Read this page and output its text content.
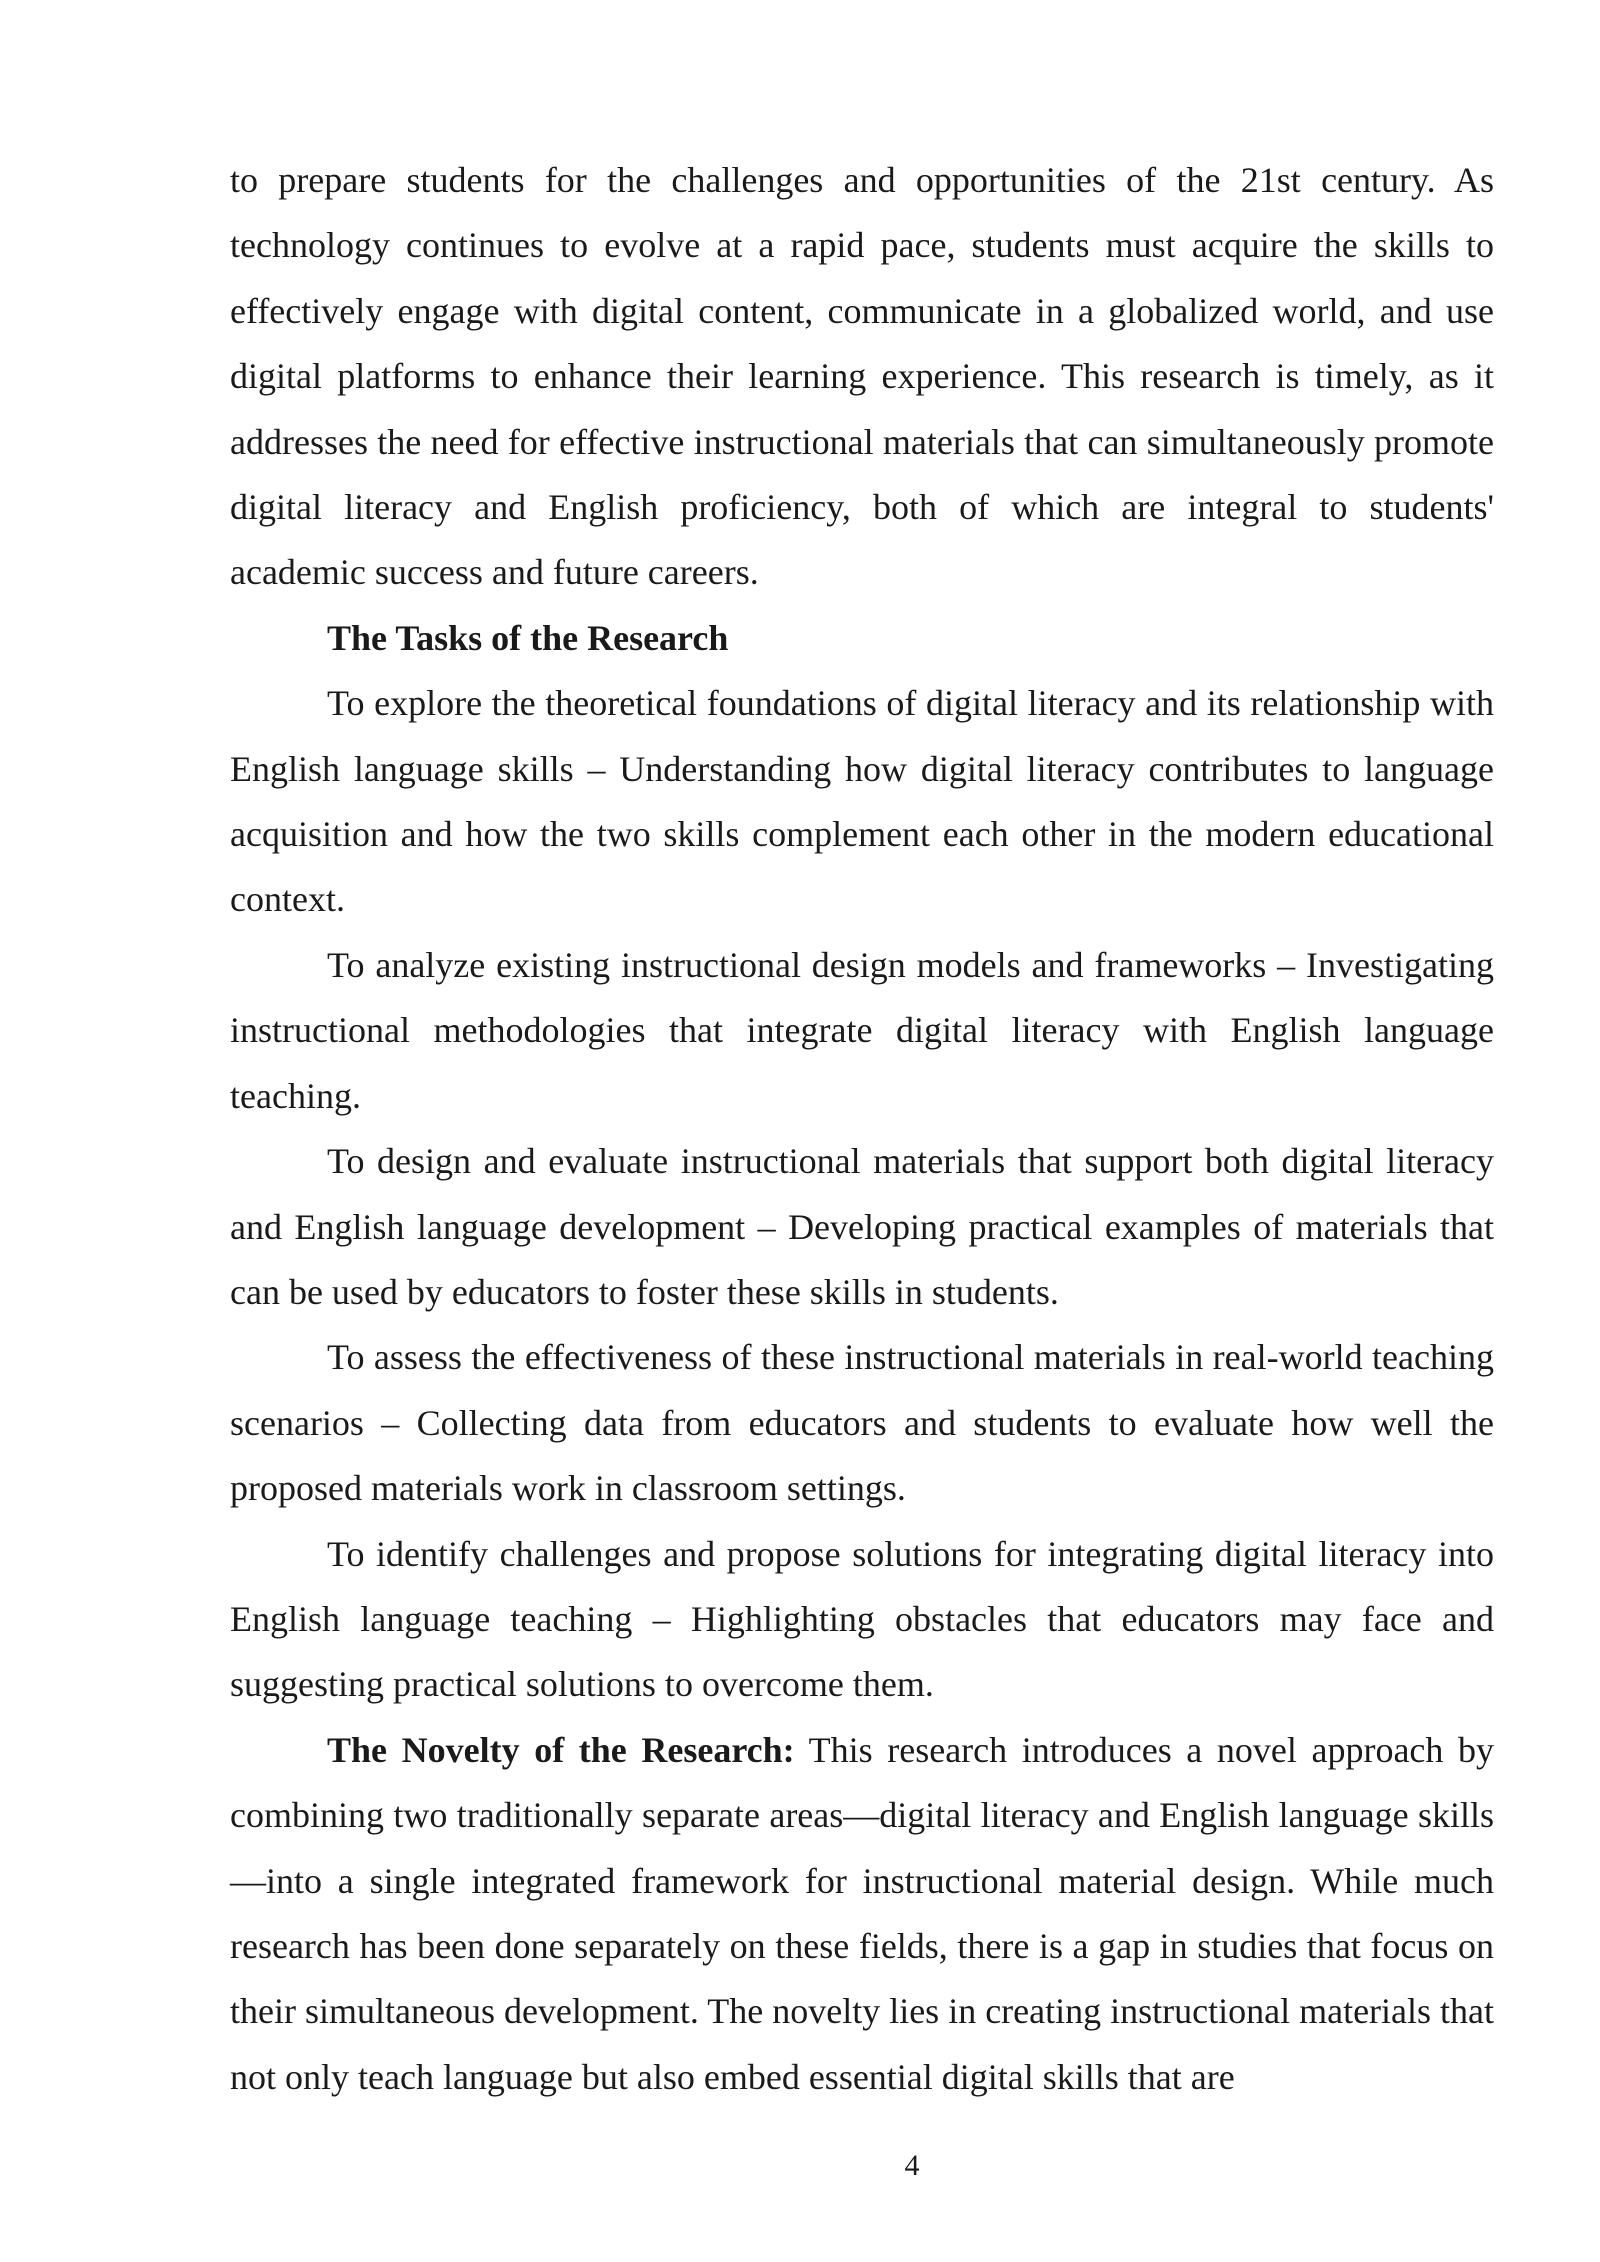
to prepare students for the challenges and opportunities of the 21st century. As technology continues to evolve at a rapid pace, students must acquire the skills to effectively engage with digital content, communicate in a globalized world, and use digital platforms to enhance their learning experience. This research is timely, as it addresses the need for effective instructional materials that can simultaneously promote digital literacy and English proficiency, both of which are integral to students' academic success and future careers.

The Tasks of the Research

To explore the theoretical foundations of digital literacy and its relationship with English language skills – Understanding how digital literacy contributes to language acquisition and how the two skills complement each other in the modern educational context.

To analyze existing instructional design models and frameworks – Investigating instructional methodologies that integrate digital literacy with English language teaching.

To design and evaluate instructional materials that support both digital literacy and English language development – Developing practical examples of materials that can be used by educators to foster these skills in students.

To assess the effectiveness of these instructional materials in real-world teaching scenarios – Collecting data from educators and students to evaluate how well the proposed materials work in classroom settings.

To identify challenges and propose solutions for integrating digital literacy into English language teaching – Highlighting obstacles that educators may face and suggesting practical solutions to overcome them.

The Novelty of the Research: This research introduces a novel approach by combining two traditionally separate areas—digital literacy and English language skills—into a single integrated framework for instructional material design. While much research has been done separately on these fields, there is a gap in studies that focus on their simultaneous development. The novelty lies in creating instructional materials that not only teach language but also embed essential digital skills that are

4
